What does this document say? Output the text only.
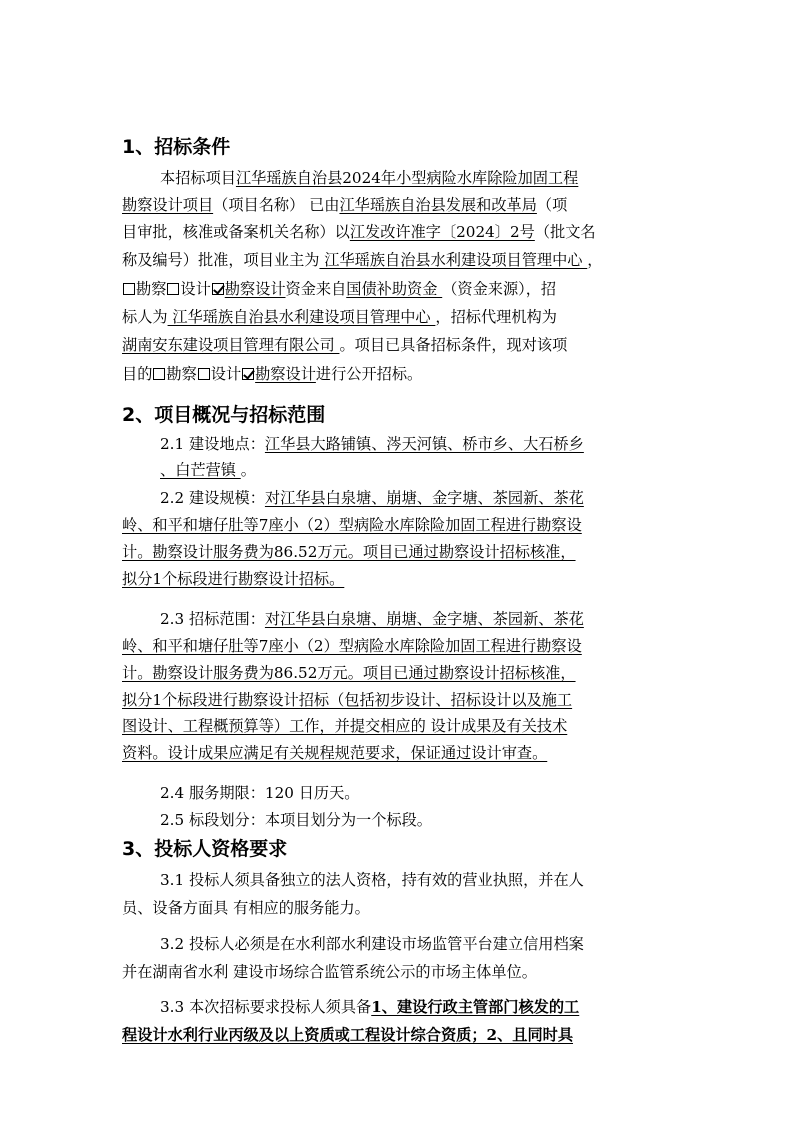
1、招标条件
本招标项目江华瑶族自治县2024年小型病险水库除险加固工程
勘察设计项目（项目名称） 已由江华瑶族自治县发展和改革局（项
目审批，核准或备案机关名称）以江发改许准字〔2024〕2号（批文名
称及编号）批准，项目业主为 江华瑶族自治县水利建设项目管理中心 ，
勘察 设计 勘察设计资金来自国债补助资金 （资金来源），招
标人为 江华瑶族自治县水利建设项目管理中心 ，招标代理机构为
湖南安东建设项目管理有限公司 。项目已具备招标条件，现对该项
目的 勘察 设计 勘察设计进行公开招标。
2、项目概况与招标范围
2.1 建设地点：江华县大路铺镇、涔天河镇、桥市乡、大石桥乡
、白芒营镇 。
2.2 建设规模：对江华县白泉塘、崩塘、金字塘、茶园新、茶花
岭、和平和塘仔肚等7座小（2）型病险水库除险加固工程进行勘察设
计。勘察设计服务费为86.52万元。项目已通过勘察设计招标核准，
拟分1个标段进行勘察设计招标。
2.3 招标范围：对江华县白泉塘、崩塘、金字塘、茶园新、茶花
岭、和平和塘仔肚等7座小（2）型病险水库除险加固工程进行勘察设
计。勘察设计服务费为86.52万元。项目已通过勘察设计招标核准，
拟分1个标段进行勘察设计招标（包括初步设计、招标设计以及施工
图设计、工程概预算等）工作，并提交相应的 设计成果及有关技术
资料。设计成果应满足有关规程规范要求，保证通过设计审查。
2.4 服务期限：120 日历天。
2.5 标段划分：本项目划分为一个标段。
3、投标人资格要求
3.1 投标人须具备独立的法人资格，持有效的营业执照，并在人
员、设备方面具 有相应的服务能力。
3.2 投标人必须是在水利部水利建设市场监管平台建立信用档案
并在湖南省水利 建设市场综合监管系统公示的市场主体单位。
3.3 本次招标要求投标人须具备1、建设行政主管部门核发的工
程设计水利行业丙级及以上资质或工程设计综合资质；2、且同时具
